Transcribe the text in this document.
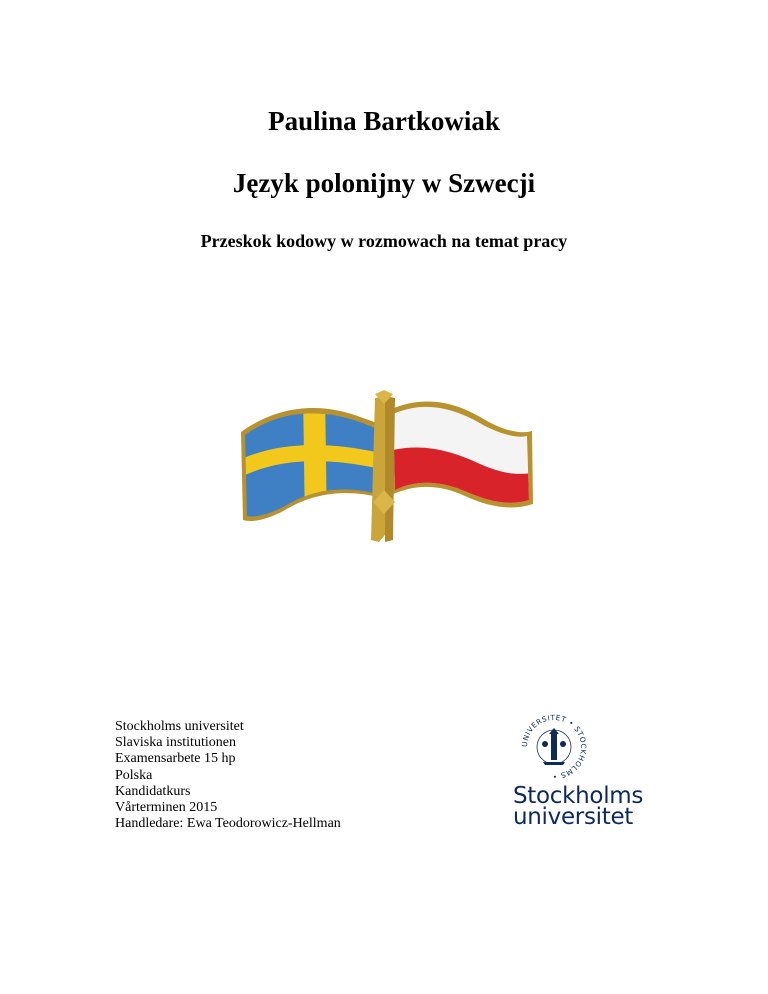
Paulina Bartkowiak
Język polonijny w Szwecji
Przeskok kodowy w rozmowach na temat pracy
Stockholms universitet
Slaviska institutionen
Examensarbete 15 hp
Polska
Kandidatkurs
Vårterminen 2015
Handledare: Ewa Teodorowicz-Hellman
UNIVERSITET • STOCKHOLMS •
Stockholms
universitet
